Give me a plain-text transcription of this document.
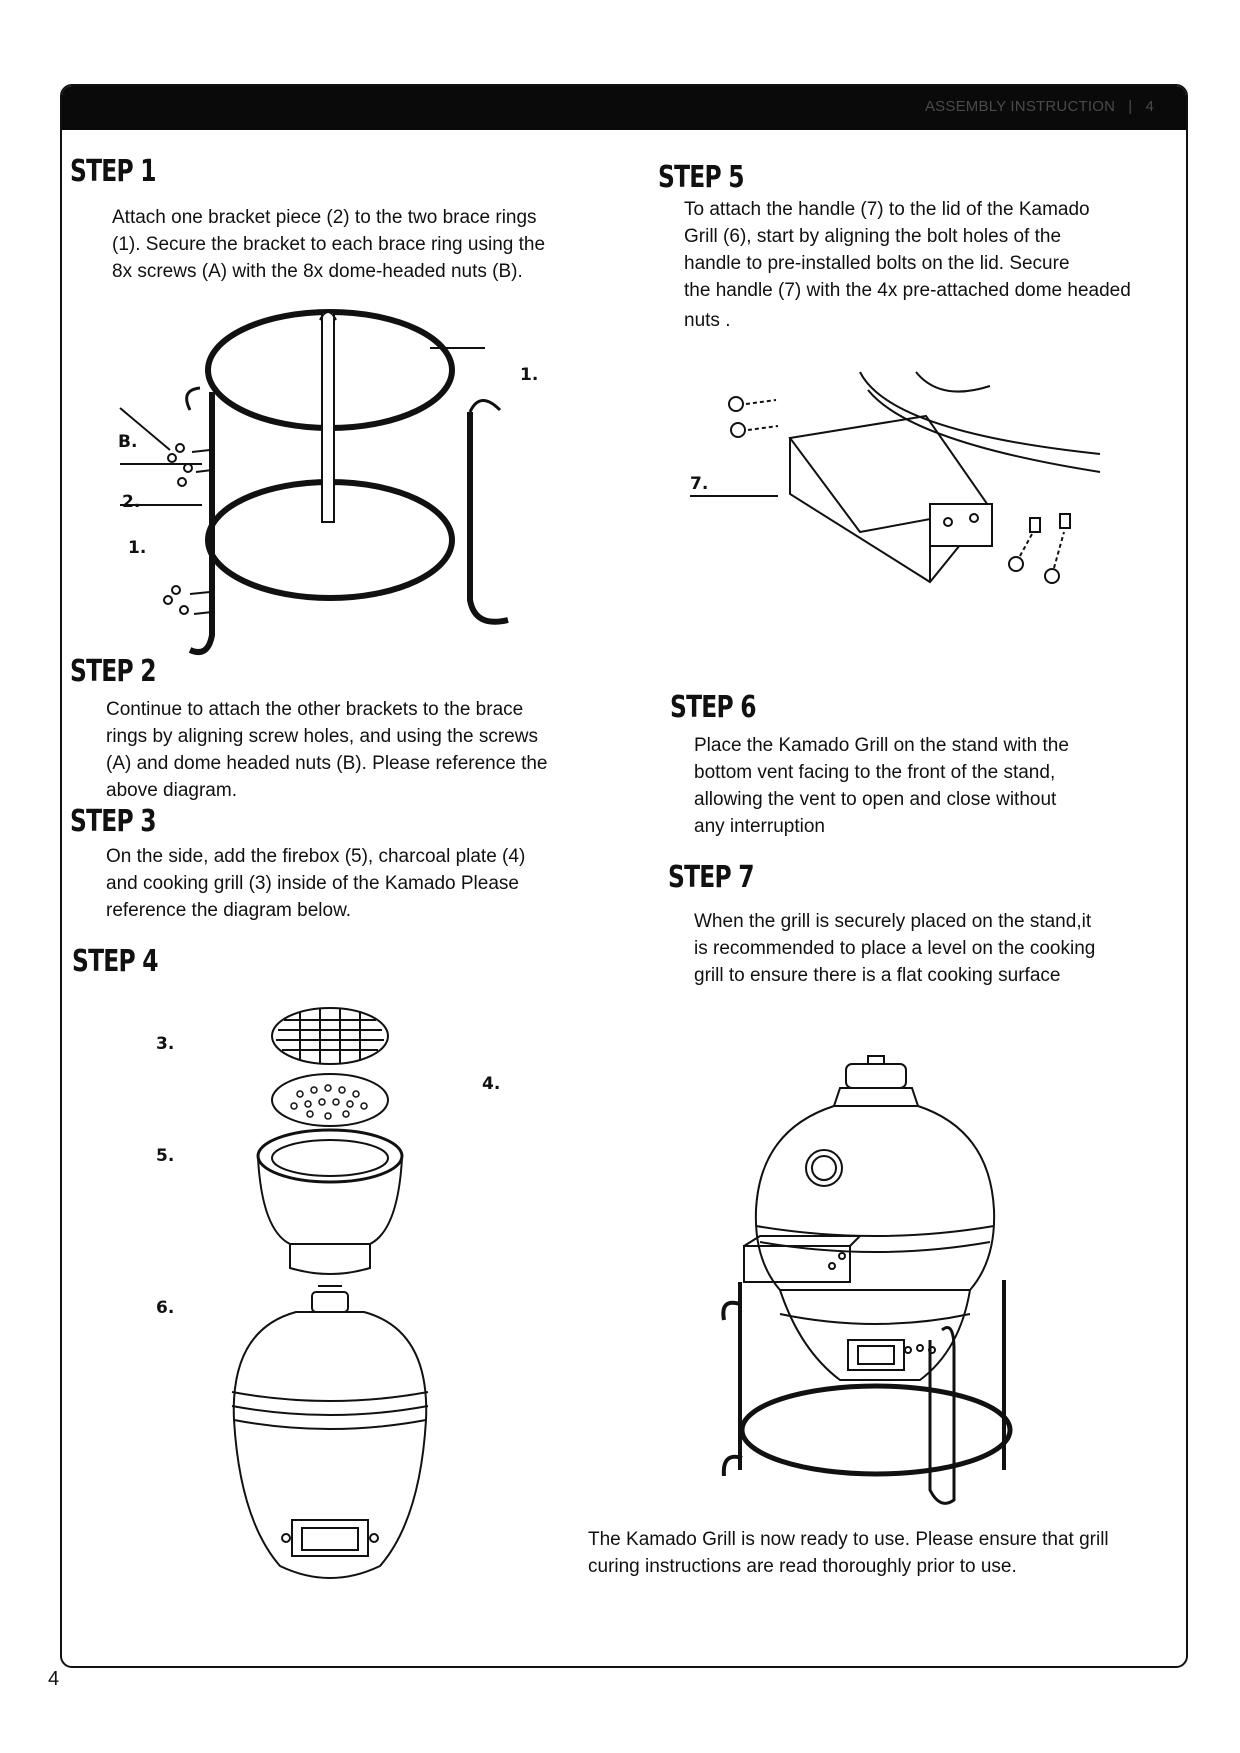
ASSEMBLY INSTRUCTION | 4
STEP 1
Attach one bracket piece (2) to the two brace rings
(1). Secure the bracket to each brace ring using the
8x screws (A) with the 8x dome-headed nuts (B).
1.
B.
2.
1.
STEP 2
Continue to attach the other brackets to the brace
rings by aligning screw holes, and using the screws
(A) and dome headed nuts (B). Please reference the
above diagram.
STEP 3
On the side, add the firebox (5), charcoal plate (4)
and cooking grill (3) inside of the Kamado Please
reference the diagram below.
STEP 4
3.
4.
5.
6.
STEP 5
To attach the handle (7) to the lid of the Kamado
Grill (6), start by aligning the bolt holes of the
handle to pre-installed bolts on the lid. Secure
the handle (7) with the 4x pre-attached dome headed
nuts .
7.
STEP 6
Place the Kamado Grill on the stand with the
bottom vent facing to the front of the stand,
allowing the vent to open and close without
any interruption
STEP 7
When the grill is securely placed on the stand,it
is recommended to place a level on the cooking
grill to ensure there is a flat cooking surface
The Kamado Grill is now ready to use. Please ensure that grill
curing instructions are read thoroughly prior to use.
4
